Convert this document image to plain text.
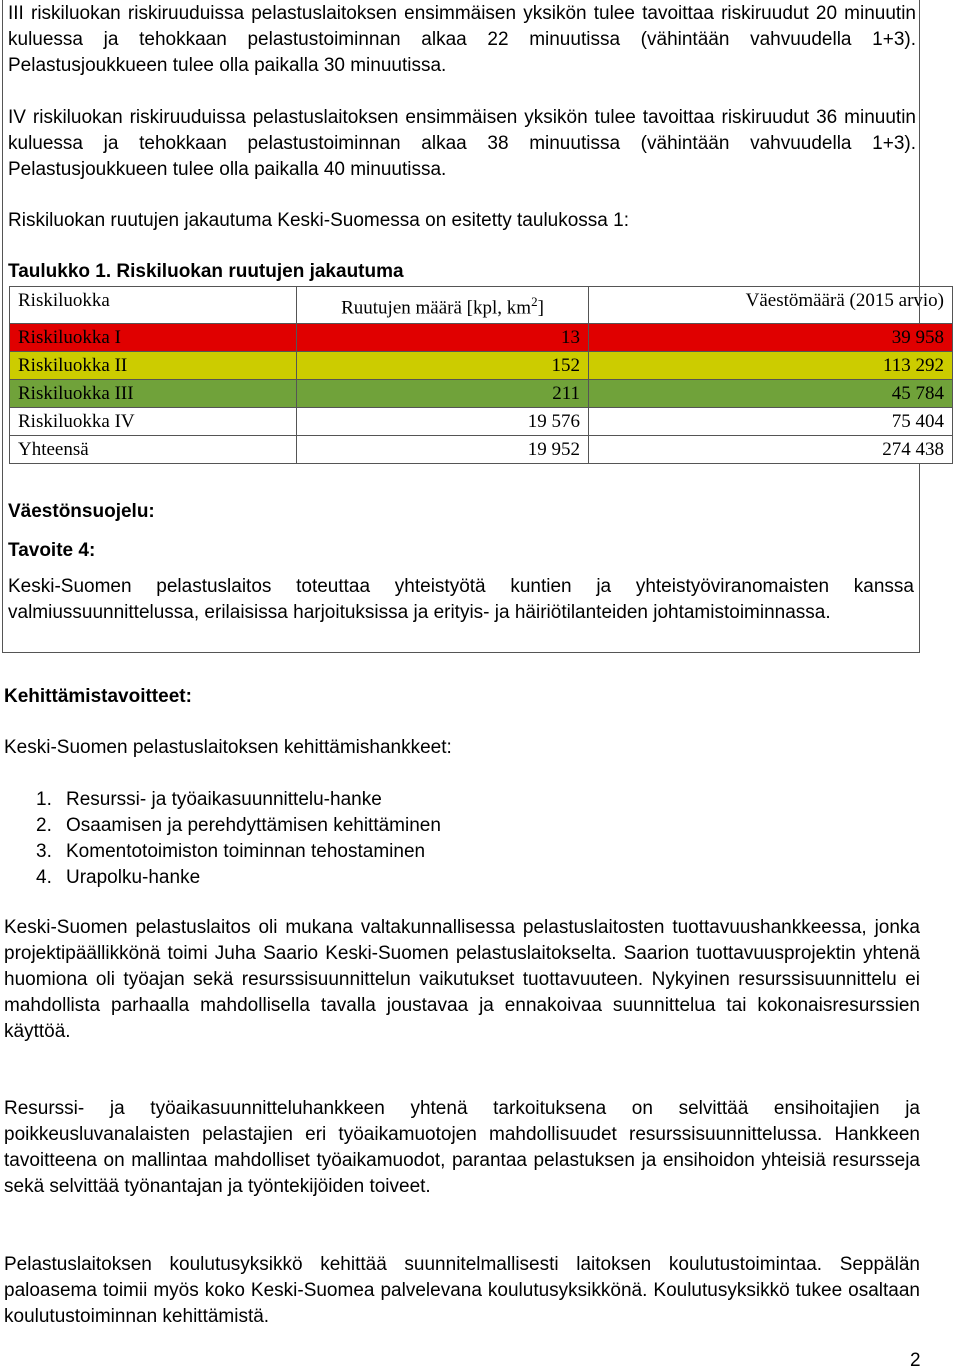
III riskiluokan riskiruuduissa pelastuslaitoksen ensimmäisen yksikön tulee tavoittaa riskiruudut 20 minuutin kuluessa ja tehokkaan pelastustoiminnan alkaa 22 minuutissa (vähintään vahvuudella 1+3). Pelastusjoukkueen tulee olla paikalla 30 minuutissa.

IV riskiluokan riskiruuduissa pelastuslaitoksen ensimmäisen yksikön tulee tavoittaa riskiruudut 36 minuutin kuluessa ja tehokkaan pelastustoiminnan alkaa 38 minuutissa (vähintään vahvuudella 1+3). Pelastusjoukkueen tulee olla paikalla 40 minuutissa.

Riskiluokan ruutujen jakautuma Keski-Suomessa on esitetty taulukossa 1:

Taulukko 1. Riskiluokan ruutujen jakautuma

Riskiluokka	Ruutujen määrä [kpl, $km^2$]	Väestömäärä (2015 arvio)
Riskiluokka I	13	39 958
Riskiluokka II	152	113 292
Riskiluokka III	211	45 784
Riskiluokka IV	19 576	75 404
Yhteensä	19 952	274 438

Väestönsuojelu:

Tavoite 4:

Keski-Suomen pelastuslaitos toteuttaa yhteistyötä kuntien ja yhteistyöviranomaisten kanssa valmiussuunnittelussa, erilaisissa harjoituksissa ja erityis- ja häiriötilanteiden johtamistoiminnassa.

Kehittämistavoitteet:

Keski-Suomen pelastuslaitoksen kehittämishankkeet:

1. Resurssi- ja työaikasuunnittelu-hanke
2. Osaamisen ja perehdyttämisen kehittäminen
3. Komentotoimiston toiminnan tehostaminen
4. Urapolku-hanke

Keski-Suomen pelastuslaitos oli mukana valtakunnallisessa pelastuslaitosten tuottavuushankkeessa, jonka projektipäällikkönä toimi Juha Saario Keski-Suomen pelastuslaitokselta. Saarion tuottavuusprojektin yhtenä huomiona oli työajan sekä resurssisuunnittelun vaikutukset tuottavuuteen. Nykyinen resurssisuunnittelu ei mahdollista parhaalla mahdollisella tavalla joustavaa ja ennakoivaa suunnittelua tai kokonaisresurssien käyttöä.

Resurssi- ja työaikasuunnitteluhankkeen yhtenä tarkoituksena on selvittää ensihoitajien ja poikkeusluvanalaisten pelastajien eri työaikamuotojen mahdollisuudet resurssisuunnittelussa. Hankkeen tavoitteena on mallintaa mahdolliset työaikamuodot, parantaa pelastuksen ja ensihoidon yhteisiä resursseja sekä selvittää työnantajan ja työntekijöiden toiveet.

Pelastuslaitoksen koulutusyksikkö kehittää suunnitelmallisesti laitoksen koulutustoimintaa. Seppälän paloasema toimii myös koko Keski-Suomea palvelevana koulutusyksikkönä. Koulutusyksikkö tukee osaltaan koulutustoiminnan kehittämistä.

2
